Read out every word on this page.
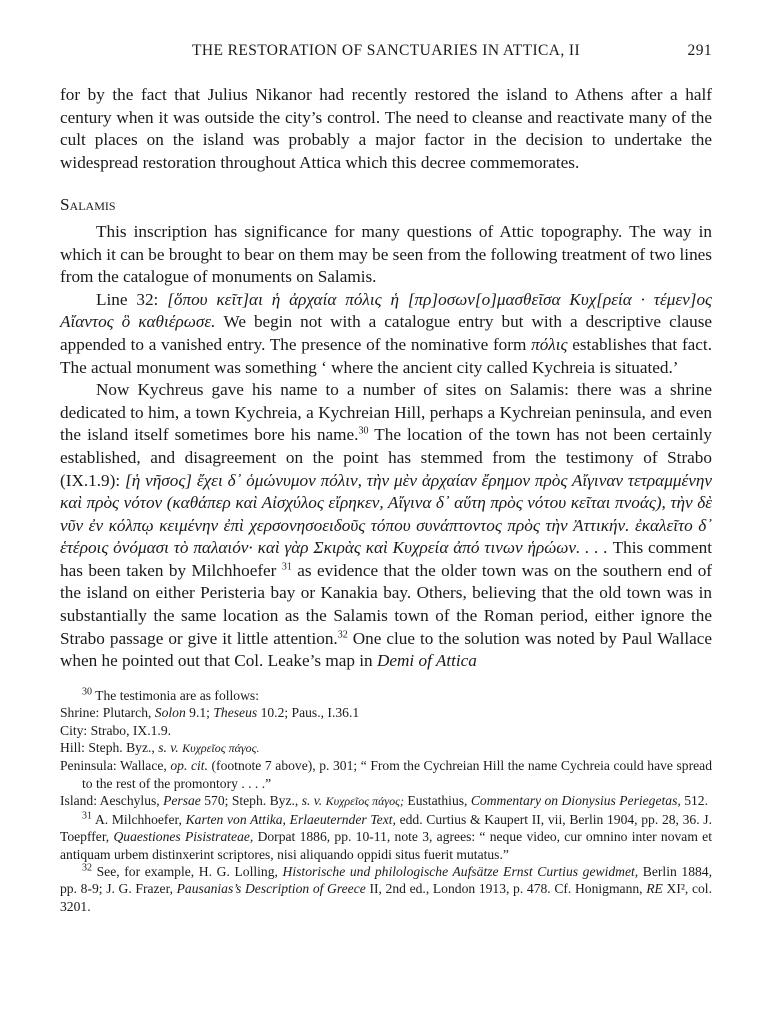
THE RESTORATION OF SANCTUARIES IN ATTICA, II	291

for by the fact that Julius Nikanor had recently restored the island to Athens after a half century when it was outside the city’s control. The need to cleanse and reactivate many of the cult places on the island was probably a major factor in the decision to undertake the widespread restoration throughout Attica which this decree commemorates.

Salamis

This inscription has significance for many questions of Attic topography. The way in which it can be brought to bear on them may be seen from the following treatment of two lines from the catalogue of monuments on Salamis.

Line 32: [ὅπου κεῖτ]αι ἡ ἀρχαία πόλις ἡ [πρ]οσων[ο]μασθεῖσα Κυχ[ρεία · τέμεν]ος Αἴαντος ὃ καθιέρωσε. We begin not with a catalogue entry but with a descriptive clause appended to a vanished entry. The presence of the nominative form πόλις establishes that fact. The actual monument was something ‘ where the ancient city called Kychreia is situated.’

Now Kychreus gave his name to a number of sites on Salamis: there was a shrine dedicated to him, a town Kychreia, a Kychreian Hill, perhaps a Kychreian peninsula, and even the island itself sometimes bore his name.$^{30}$ The location of the town has not been certainly established, and disagreement on the point has stemmed from the testimony of Strabo (IX.1.9): [ἡ νῆσος] ἔχει δ᾽ ὁμώνυμον πόλιν, τὴν μὲν ἀρχαίαν ἔρημον πρὸς Αἴγιναν τετραμμένην καὶ πρὸς νότον (καθάπερ καὶ Αἰσχύλος εἴρηκεν, Αἴγινα δ᾽ αὕτη πρὸς νότου κεῖται πνοάς), τὴν δὲ νῦν ἐν κόλπῳ κειμένην ἐπὶ χερσονησοειδοῦς τόπου συνάπτοντος πρὸς τὴν Ἀττικήν. ἐκαλεῖτο δ᾽ ἑτέροις ὀνόμασι τὸ παλαιόν· καὶ γὰρ Σκιρὰς καὶ Κυχρεία ἀπό τινων ἡρώων. . . . This comment has been taken by Milchhoefer $^{31}$ as evidence that the older town was on the southern end of the island on either Peristeria bay or Kanakia bay. Others, believing that the old town was in substantially the same location as the Salamis town of the Roman period, either ignore the Strabo passage or give it little attention.$^{32}$ One clue to the solution was noted by Paul Wallace when he pointed out that Col. Leake’s map in Demi of Attica

$^{30}$ The testimonia are as follows:

Shrine: Plutarch, Solon 9.1; Theseus 10.2; Paus., I.36.1

City: Strabo, IX.1.9.

Hill: Steph. Byz., s. v. Κυχρεῖος πάγος.

Peninsula: Wallace, op. cit. (footnote 7 above), p. 301; “ From the Cychreian Hill the name Cychreia could have spread to the rest of the promontory . . . .”

Island: Aeschylus, Persae 570; Steph. Byz., s. v. Κυχρεῖος πάγος; Eustathius, Commentary on Dionysius Periegetas, 512.

$^{31}$ A. Milchhoefer, Karten von Attika, Erlaeuternder Text, edd. Curtius & Kaupert II, vii, Berlin 1904, pp. 28, 36. J. Toepffer, Quaestiones Pisistrateae, Dorpat 1886, pp. 10-11, note 3, agrees: “ neque video, cur omnino inter novam et antiquam urbem distinxerint scriptores, nisi aliquando oppidi situs fuerit mutatus.”

$^{32}$ See, for example, H. G. Lolling, Historische und philologische Aufsätze Ernst Curtius gewidmet, Berlin 1884, pp. 8-9; J. G. Frazer, Pausanias’s Description of Greece II, 2nd ed., London 1913, p. 478. Cf. Honigmann, RE XI², col. 3201.
